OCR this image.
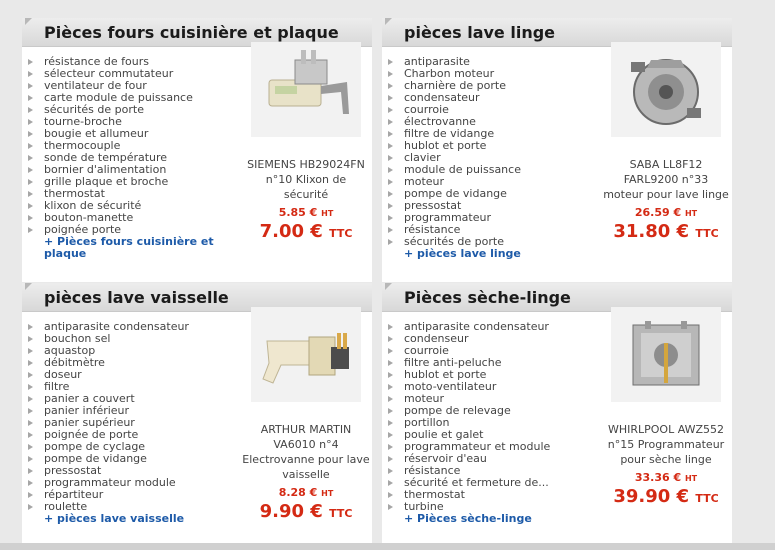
Pièces fours cuisinière et plaque
résistance de fours
sélecteur commutateur
ventilateur de four
carte module de puissance
sécurités de porte
tourne-broche
bougie et allumeur
thermocouple
sonde de température
bornier d'alimentation
grille plaque et broche
thermostat
klixon de sécurité
bouton-manette
poignée porte
+ Pièces fours cuisinière et plaque
SIEMENS HB29024FN n°10 Klixon de sécurité
5.85 € HT
7.00 € TTC
pièces lave linge
antiparasite
Charbon moteur
charnière de porte
condensateur
courroie
électrovanne
filtre de vidange
hublot et porte
clavier
module de puissance
moteur
pompe de vidange
pressostat
programmateur
résistance
sécurités de porte
+ pièces lave linge
SABA LL8F12 FARL9200 n°33 moteur pour lave linge
26.59 € HT
31.80 € TTC
pièces lave vaisselle
antiparasite condensateur
bouchon sel
aquastop
débitmètre
doseur
filtre
panier a couvert
panier inférieur
panier supérieur
poignée de porte
pompe de cyclage
pompe de vidange
pressostat
programmateur module
répartiteur
roulette
+ pièces lave vaisselle
ARTHUR MARTIN VA6010 n°4 Electrovanne pour lave vaisselle
8.28 € HT
9.90 € TTC
Pièces sèche-linge
antiparasite condensateur
condenseur
courroie
filtre anti-peluche
hublot et porte
moto-ventilateur
moteur
pompe de relevage
portillon
poulie et galet
programmateur et module
réservoir d'eau
résistance
sécurité et fermeture de...
thermostat
turbine
+ Pièces sèche-linge
WHIRLPOOL AWZ552 n°15 Programmateur pour sèche linge
33.36 € HT
39.90 € TTC
